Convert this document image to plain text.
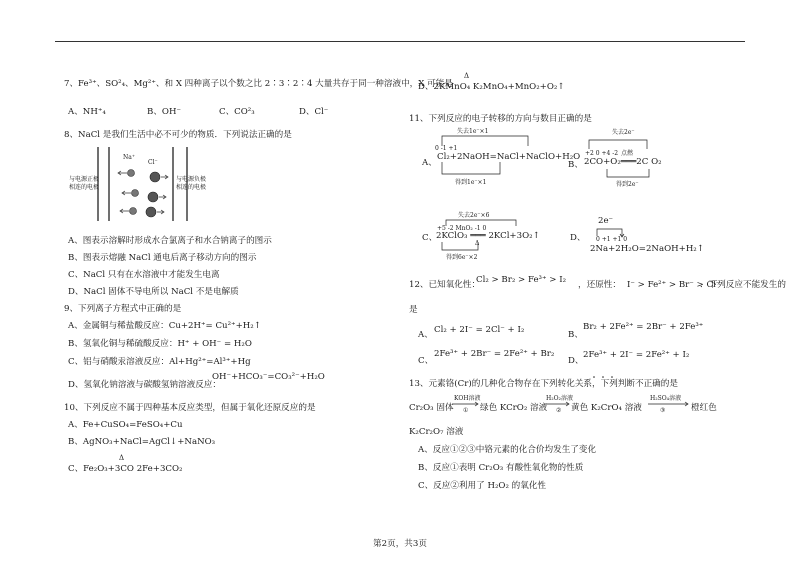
7、Fe³⁺、SO²₄、Mg²⁺、和 X 四种离子以个数之比 2∶3∶2∶4 大量共存于同一种溶液中，X 可能是
A、NH⁺₄	B、OH⁻	C、CO²₃	D、Cl⁻
8、NaCl 是我们生活中必不可少的物质．下列说法正确的是
Na⁺
Cl⁻
与电源正极
相连的电极
与电源负极
相连的电极
A、图表示溶解时形成水合氯离子和水合钠离子的图示
B、图表示熔融 NaCl 通电后离子移动方向的图示
C、NaCl 只有在水溶液中才能发生电离
D、NaCl 固体不导电所以 NaCl 不是电解质
9、下列离子方程式中正确的是
A、金属铜与稀盐酸反应：Cu+2H⁺= Cu²⁺+H₂↑
B、氢氧化铜与稀硫酸反应：H⁺ + OH⁻ = H₂O
C、铝与硝酸汞溶液反应：Al+Hg²⁺=Al³⁺+Hg
OH⁻+HCO₃⁻=CO₃²⁻+H₂O
D、氢氧化钠溶液与碳酸氢钠溶液反应：
10、下列反应不属于四种基本反应类型，但属于氧化还原反应的是
A、Fe+CuSO₄=FeSO₄+Cu
B、AgNO₃+NaCl=AgCl↓+NaNO₃
Δ
C、Fe₂O₃+3CO 2Fe+3CO₂
Δ
D、2KMnO₄ K₂MnO₄+MnO₂+O₂↑
11、下列反应的电子转移的方向与数目正确的是
失去1e⁻×1
0 -1 +1
A、
Cl₂+2NaOH=NaCl+NaClO+H₂O
得到1e⁻×1
失去2e⁻
+2 0 +4 -2
B、
点燃
2CO+O₂═══2C O₂
得到2e⁻
失去2e⁻×6
+5 -2 MnO₂ -1 0
C、
2KClO₃ ═══ 2KCl+3O₂↑
Δ
得到6e⁻×2
2e⁻
0 +1 +1 0
D、
2Na+2H₂O=2NaOH+H₂↑
12、已知氧化性：
Cl₂ > Br₂ > Fe³⁺ > I₂ ，还原性： I⁻ > Fe²⁺ > Br⁻ > Cl⁻
．下列反应不能发生的
是
A、 Cl₂ + 2I⁻ = 2Cl⁻ + I₂	B、
Br₂ + 2Fe²⁺ = 2Br⁻ + 2Fe³⁺
C、
2Fe³⁺ + 2Br⁻ = 2Fe²⁺ + Br₂
D、
2Fe³⁺ + 2I⁻ = 2Fe²⁺ + I₂
13、元素铬(Cr)的几种化合物存在下列转化关系，下列判断不正确的是
Cr₂O₃ 固体
KOH溶液
① 绿色 KCrO₂ 溶液
H₂O₂溶液
② 黄色 K₂CrO₄ 溶液
H₂SO₄溶液
③	橙红色
K₂Cr₂O₇ 溶液
A、反应①②③中铬元素的化合价均发生了变化
B、反应①表明 Cr₂O₃ 有酸性氧化物的性质
C、反应②利用了 H₂O₂ 的氧化性
第2页，共3页
